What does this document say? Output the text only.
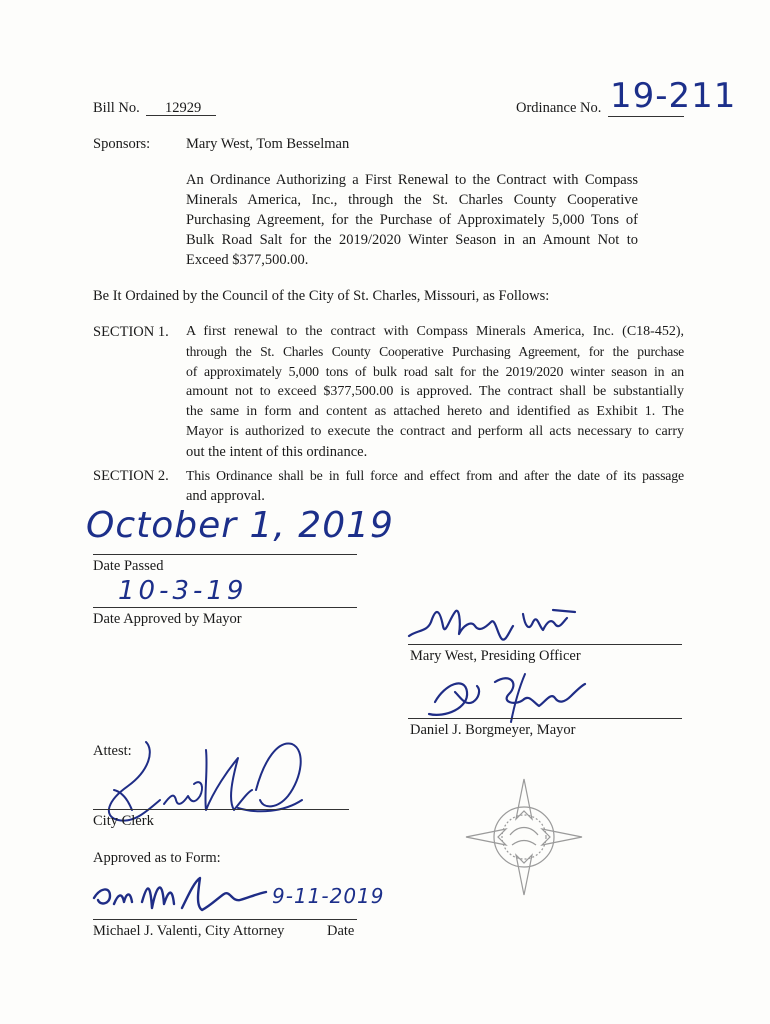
Bill No. 12929	Ordinance No. 19-211
Sponsors: Mary West, Tom Besselman
An Ordinance Authorizing a First Renewal to the Contract with Compass
Minerals America, Inc., through the St. Charles County Cooperative
Purchasing Agreement, for the Purchase of Approximately 5,000 Tons of
Bulk Road Salt for the 2019/2020 Winter Season in an Amount Not to
Exceed $377,500.00.
Be It Ordained by the Council of the City of St. Charles, Missouri, as Follows:
SECTION 1. A first renewal to the contract with Compass Minerals America, Inc. (C18-452),
through the St. Charles County Cooperative Purchasing Agreement, for the purchase
of approximately 5,000 tons of bulk road salt for the 2019/2020 winter season in an
amount not to exceed $377,500.00 is approved. The contract shall be substantially
the same in form and content as attached hereto and identified as Exhibit 1. The
Mayor is authorized to execute the contract and perform all acts necessary to carry
out the intent of this ordinance.
SECTION 2. This Ordinance shall be in full force and effect from and after the date of its passage
and approval.
October 1, 2019
Date Passed
10-3-19
Date Approved by Mayor
Mary West, Presiding Officer
Daniel J. Borgmeyer, Mayor
Attest:
City Clerk
Approved as to Form:
9-11-2019
Michael J. Valenti, City Attorney	Date
